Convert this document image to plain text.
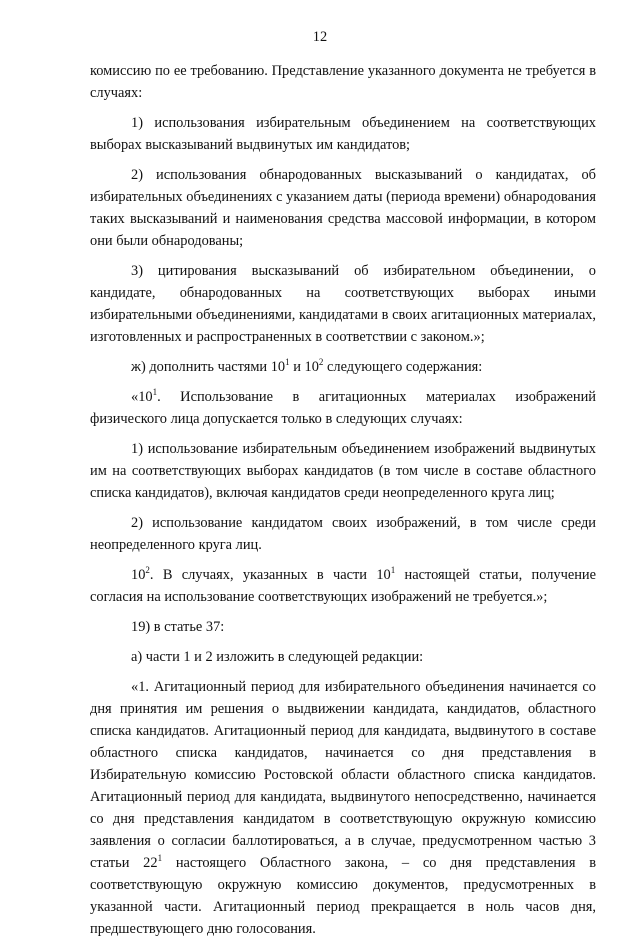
12

комиссию по ее требованию. Представление указанного документа не требуется в случаях:

1) использования избирательным объединением на соответствующих выборах высказываний выдвинутых им кандидатов;

2) использования обнародованных высказываний о кандидатах, об избирательных объединениях с указанием даты (периода времени) обнародования таких высказываний и наименования средства массовой информации, в котором они были обнародованы;

3) цитирования высказываний об избирательном объединении, о кандидате, обнародованных на соответствующих выборах иными избирательными объединениями, кандидатами в своих агитационных материалах, изготовленных и распространенных в соответствии с законом.»;

ж) дополнить частями $10^1$ и $10^2$ следующего содержания:

«$10^1$. Использование в агитационных материалах изображений физического лица допускается только в следующих случаях:

1) использование избирательным объединением изображений выдвинутых им на соответствующих выборах кандидатов (в том числе в составе областного списка кандидатов), включая кандидатов среди неопределенного круга лиц;

2) использование кандидатом своих изображений, в том числе среди неопределенного круга лиц.

$10^2$. В случаях, указанных в части $10^1$ настоящей статьи, получение согласия на использование соответствующих изображений не требуется.»;

19) в статье 37:

а) части 1 и 2 изложить в следующей редакции:

«1. Агитационный период для избирательного объединения начинается со дня принятия им решения о выдвижении кандидата, кандидатов, областного списка кандидатов. Агитационный период для кандидата, выдвинутого в составе областного списка кандидатов, начинается со дня представления в Избирательную комиссию Ростовской области областного списка кандидатов. Агитационный период для кандидата, выдвинутого непосредственно, начинается со дня представления кандидатом в соответствующую окружную комиссию заявления о согласии баллотироваться, а в случае, предусмотренном частью 3 статьи $22^1$ настоящего Областного закона, – со дня представления в соответствующую окружную комиссию документов, предусмотренных в указанной части. Агитационный период прекращается в ноль часов дня, предшествующего дню голосования.
